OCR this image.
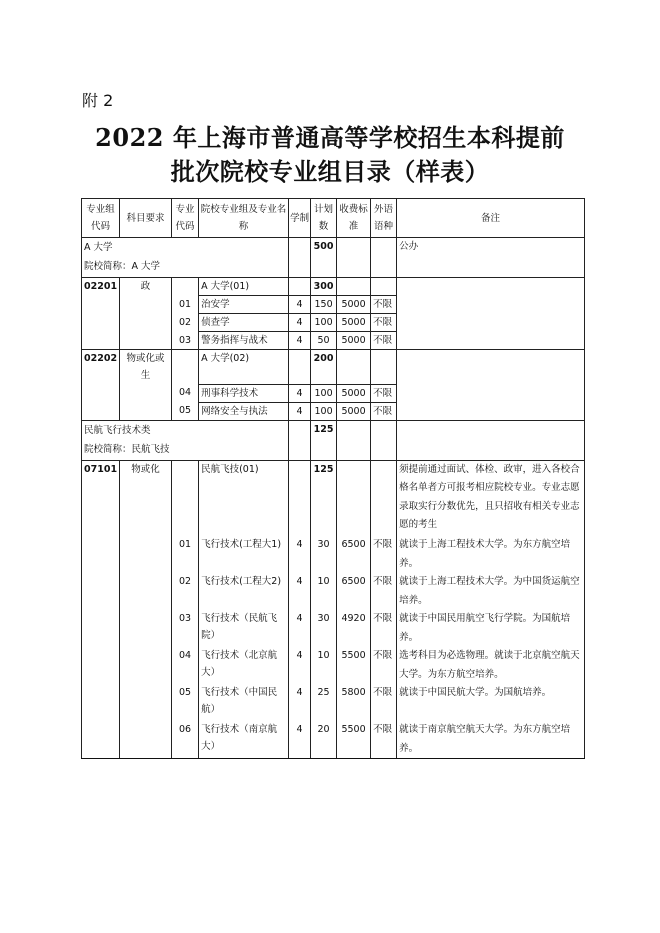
附 2
2022 年上海市普通高等学校招生本科提前
批次院校专业组目录（样表）
专业组代码	科目要求	专业代码	院校专业组及专业名称	学制	计划数	收费标准	外语语种	备注

A 大学
院校简称：A 大学					500			公办
02201	政		A 大学(01)		300			
		01	治安学	4	150	5000	不限	
		02	侦查学	4	100	5000	不限	
		03	警务指挥与战术	4	50	5000	不限	
02202	物或化或生		A 大学(02)		200			
		04	刑事科学技术	4	100	5000	不限	
		05	网络安全与执法	4	100	5000	不限	

民航飞行技术类
院校简称：民航飞技					125			
07101	物或化		民航飞技(01)		125			须提前通过面试、体检、政审，进入各校合格名单者方可报考相应院校专业。专业志愿录取实行分数优先，且只招收有相关专业志愿的考生
		01	飞行技术(工程大1)	4	30	6500	不限	就读于上海工程技术大学。为东方航空培养。
		02	飞行技术(工程大2)	4	10	6500	不限	就读于上海工程技术大学。为中国货运航空培养。
		03	飞行技术（民航飞院）	4	30	4920	不限	就读于中国民用航空飞行学院。为国航培养。
		04	飞行技术（北京航大）	4	10	5500	不限	选考科目为必选物理。就读于北京航空航天大学。为东方航空培养。
		05	飞行技术（中国民航）	4	25	5800	不限	就读于中国民航大学。为国航培养。
		06	飞行技术（南京航大）	4	20	5500	不限	就读于南京航空航天大学。为东方航空培养。
